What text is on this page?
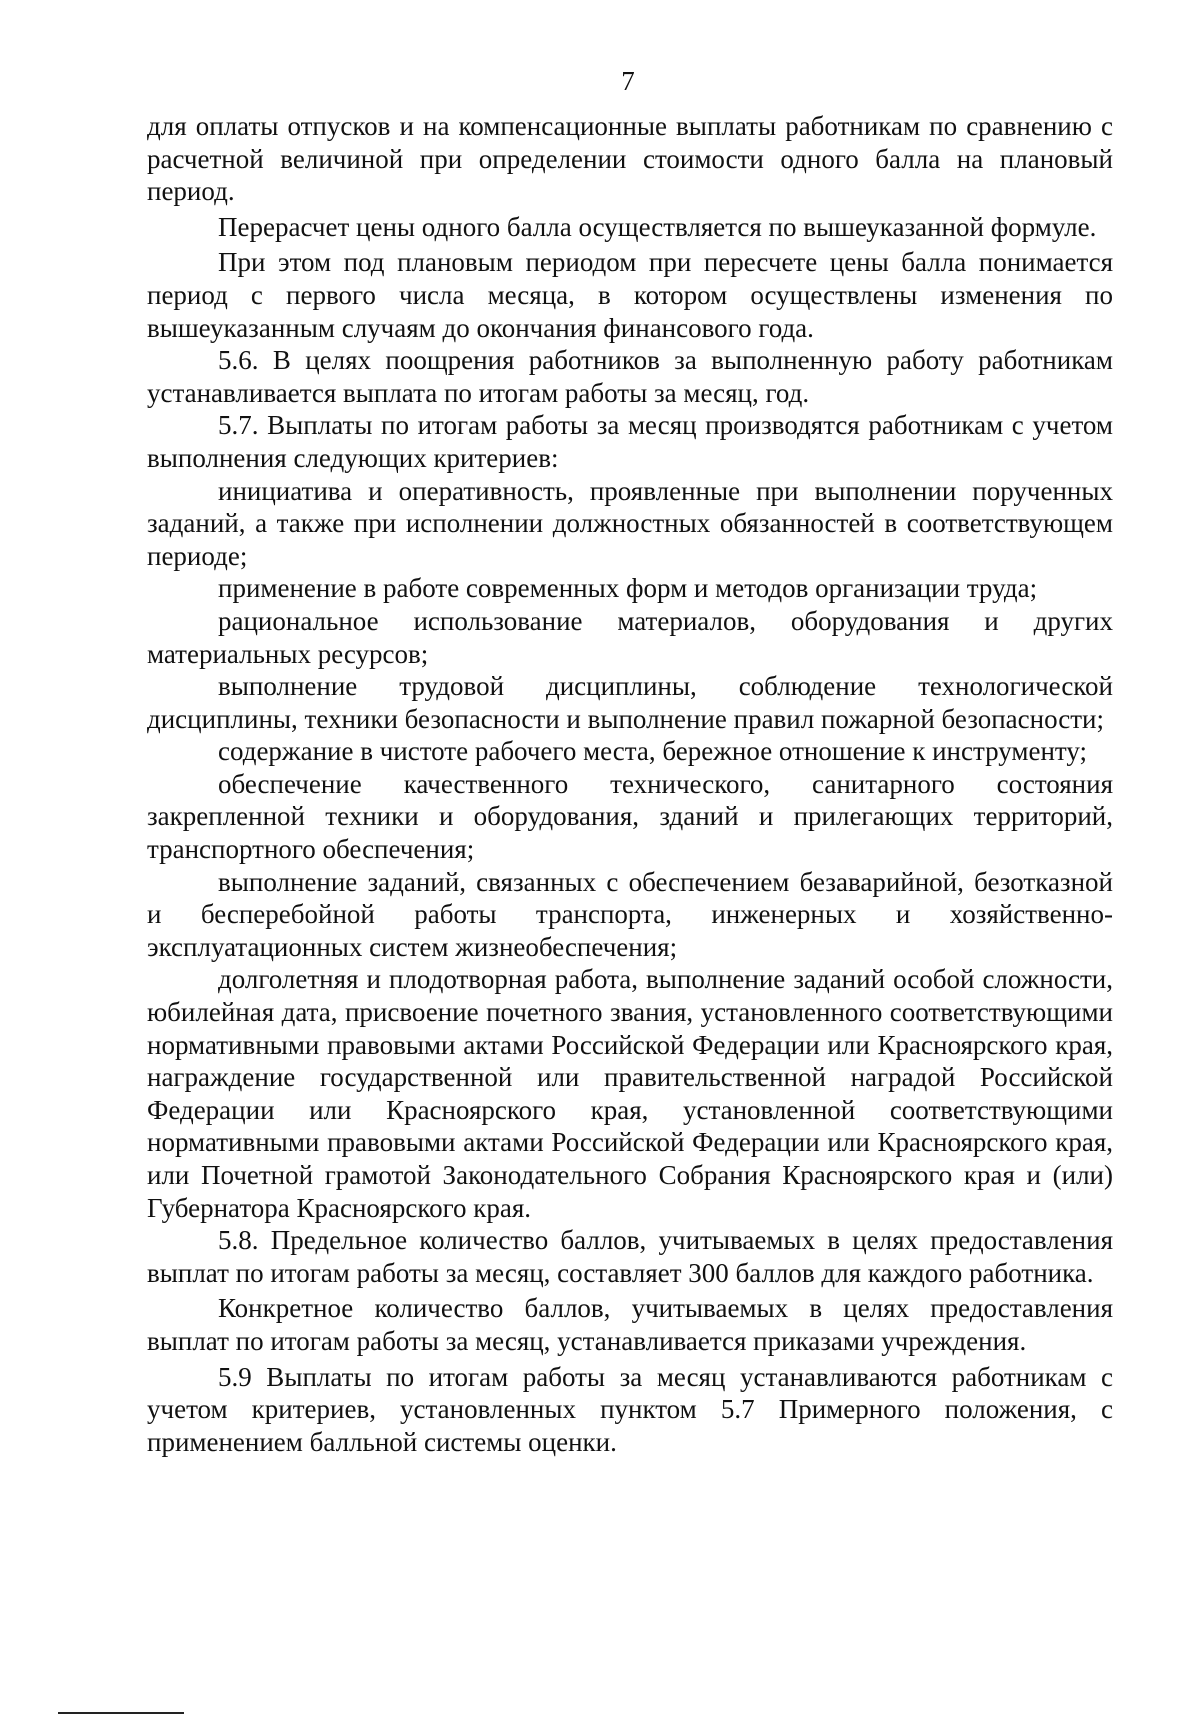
7

для оплаты отпусков и на компенсационные выплаты работникам по сравнению с расчетной величиной при определении стоимости одного балла на плановый период.

Перерасчет цены одного балла осуществляется по вышеуказанной формуле.

При этом под плановым периодом при пересчете цены балла понимается период с первого числа месяца, в котором осуществлены изменения по вышеуказанным случаям до окончания финансового года.

5.6. В целях поощрения работников за выполненную работу работникам устанавливается выплата по итогам работы за месяц, год.

5.7. Выплаты по итогам работы за месяц производятся работникам с учетом выполнения следующих критериев:

инициатива и оперативность, проявленные при выполнении порученных заданий, а также при исполнении должностных обязанностей в соответствующем периоде;

применение в работе современных форм и методов организации труда;

рациональное использование материалов, оборудования и других материальных ресурсов;

выполнение трудовой дисциплины, соблюдение технологической дисциплины, техники безопасности и выполнение правил пожарной безопасности;

содержание в чистоте рабочего места, бережное отношение к инструменту;

обеспечение качественного технического, санитарного состояния закрепленной техники и оборудования, зданий и прилегающих территорий, транспортного обеспечения;

выполнение заданий, связанных с обеспечением безаварийной, безотказной и бесперебойной работы транспорта, инженерных и хозяйственно-эксплуатационных систем жизнеобеспечения;

долголетняя и плодотворная работа, выполнение заданий особой сложности, юбилейная дата, присвоение почетного звания, установленного соответствующими нормативными правовыми актами Российской Федерации или Красноярского края, награждение государственной или правительственной наградой Российской Федерации или Красноярского края, установленной соответствующими нормативными правовыми актами Российской Федерации или Красноярского края, или Почетной грамотой Законодательного Собрания Красноярского края и (или) Губернатора Красноярского края.

5.8. Предельное количество баллов, учитываемых в целях предоставления выплат по итогам работы за месяц, составляет 300 баллов для каждого работника.

Конкретное количество баллов, учитываемых в целях предоставления выплат по итогам работы за месяц, устанавливается приказами учреждения.

5.9 Выплаты по итогам работы за месяц устанавливаются работникам с учетом критериев, установленных пунктом 5.7 Примерного положения, с применением балльной системы оценки.
